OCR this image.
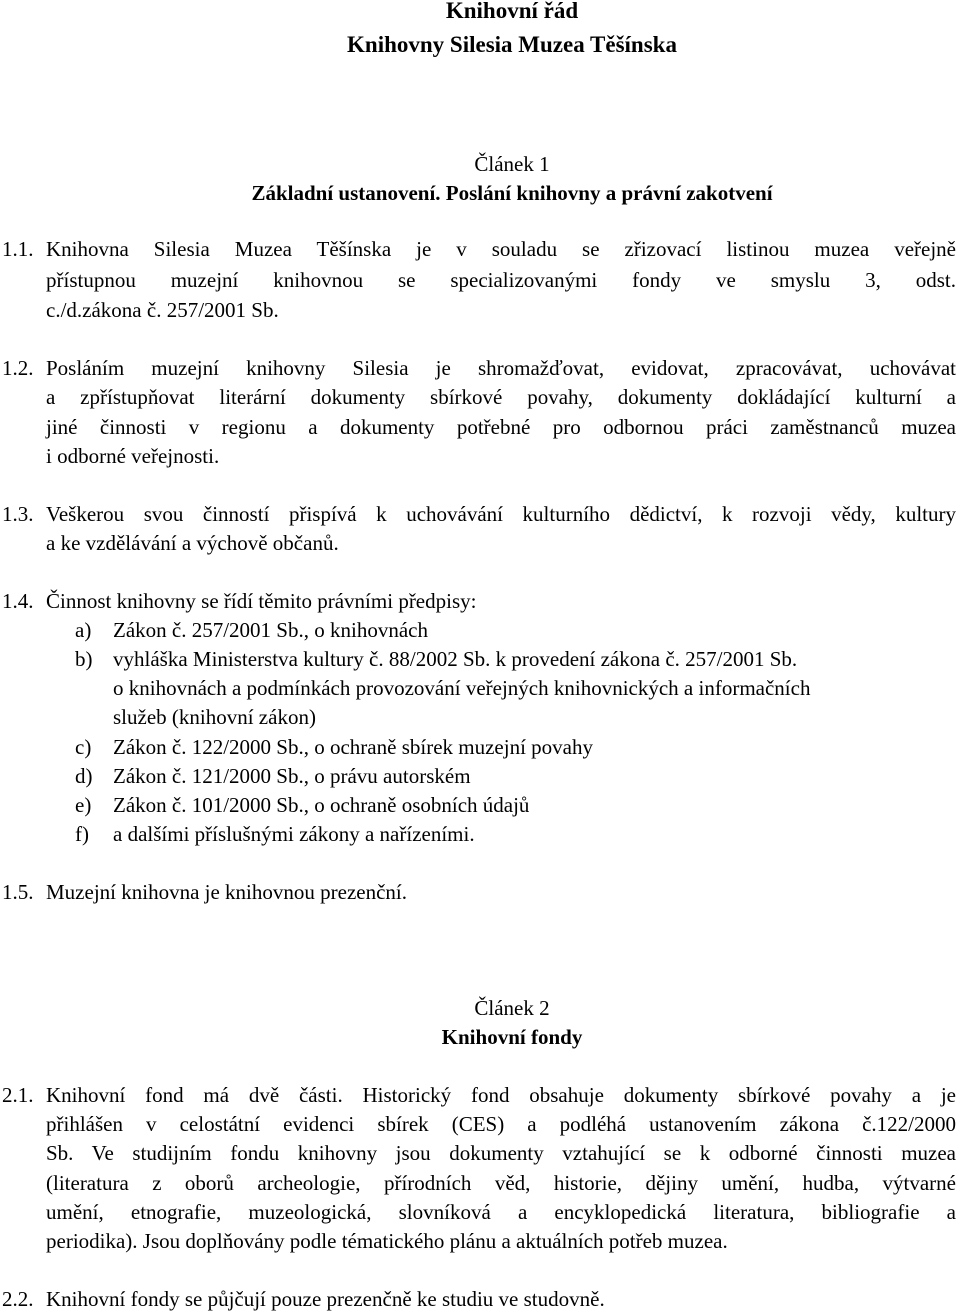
Knihovní řád
Knihovny Silesia Muzea Těšínska
Článek 1
Základní ustanovení. Poslání knihovny a právní zakotvení
1.1. Knihovna Silesia Muzea Těšínska je v souladu se zřizovací listinou muzea veřejně
přístupnou muzejní knihovnou se specializovanými fondy ve smyslu 3, odst.
c./d.zákona č. 257/2001 Sb.
1.2. Posláním muzejní knihovny Silesia je shromažďovat, evidovat, zpracovávat, uchovávat
a zpřístupňovat literární dokumenty sbírkové povahy, dokumenty dokládající kulturní a
jiné činnosti v regionu a dokumenty potřebné pro odbornou práci zaměstnanců muzea
i odborné veřejnosti.
1.3. Veškerou svou činností přispívá k uchovávání kulturního dědictví, k rozvoji vědy, kultury
a ke vzdělávání a výchově občanů.
1.4. Činnost knihovny se řídí těmito právními předpisy:
a) Zákon č. 257/2001 Sb., o knihovnách
b) vyhláška Ministerstva kultury č. 88/2002 Sb. k provedení zákona č. 257/2001 Sb.
o knihovnách a podmínkách provozování veřejných knihovnických a informačních
služeb (knihovní zákon)
c) Zákon č. 122/2000 Sb., o ochraně sbírek muzejní povahy
d) Zákon č. 121/2000 Sb., o právu autorském
e) Zákon č. 101/2000 Sb., o ochraně osobních údajů
f) a dalšími příslušnými zákony a nařízeními.
1.5. Muzejní knihovna je knihovnou prezenční.
Článek 2
Knihovní fondy
2.1. Knihovní fond má dvě části. Historický fond obsahuje dokumenty sbírkové povahy a je
přihlášen v celostátní evidenci sbírek (CES) a podléhá ustanovením zákona č.122/2000
Sb. Ve studijním fondu knihovny jsou dokumenty vztahující se k odborné činnosti muzea
(literatura z oborů archeologie, přírodních věd, historie, dějiny umění, hudba, výtvarné
umění, etnografie, muzeologická, slovníková a encyklopedická literatura, bibliografie a
periodika). Jsou doplňovány podle tématického plánu a aktuálních potřeb muzea.
2.2. Knihovní fondy se půjčují pouze prezenčně ke studiu ve studovně.
